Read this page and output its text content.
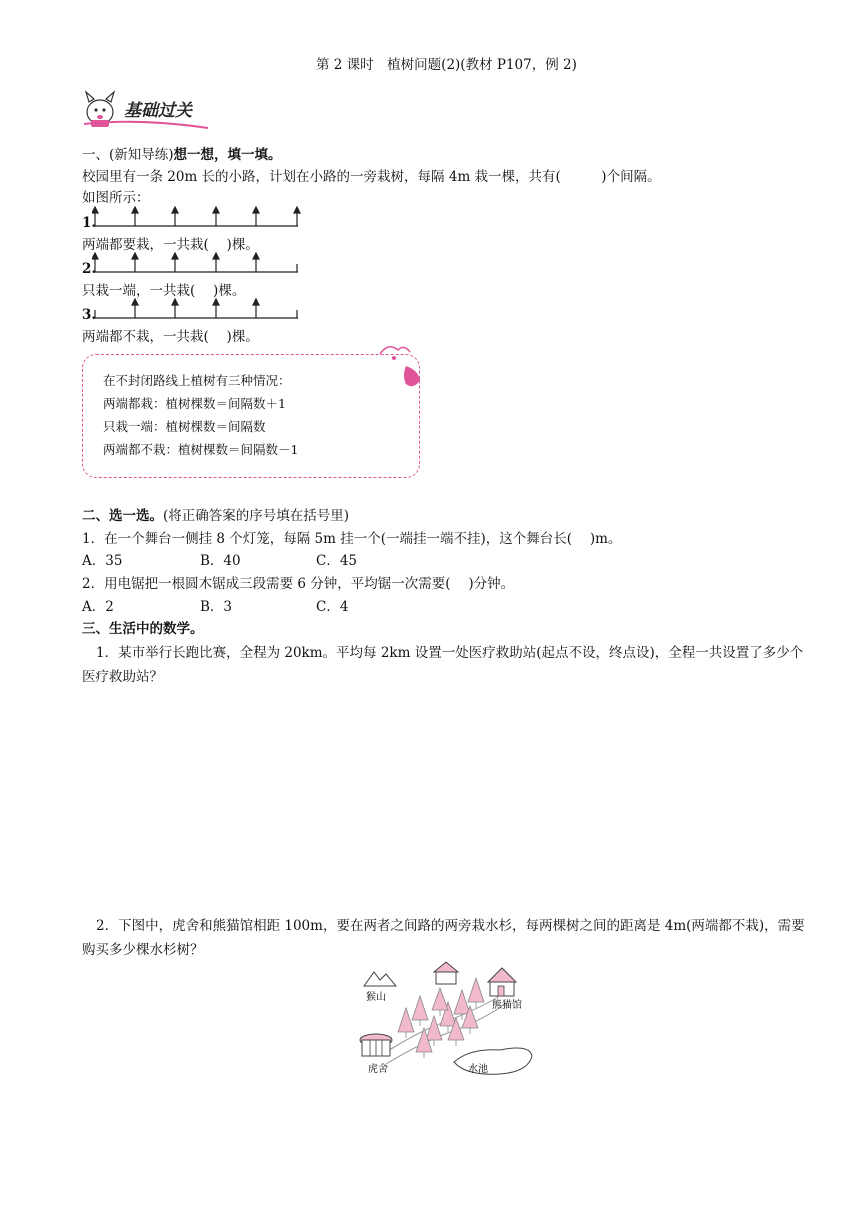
第 2 课时　植树问题(2)(教材 P107，例 2)
基础过关
一、(新知导练)想一想，填一填。
校园里有一条 20m 长的小路，计划在小路的一旁栽树，每隔 4m 栽一棵，共有(　　　)个间隔。
如图所示：
1.
两端都要栽，一共栽(　 )棵。
2.
只栽一端，一共栽(　 )棵。
3.
两端都不栽，一共栽(　 )棵。
在不封闭路线上植树有三种情况：
两端都栽：植树棵数＝间隔数＋1
只栽一端：植树棵数＝间隔数
两端都不栽：植树棵数＝间隔数－1
二、选一选。(将正确答案的序号填在括号里)
1．在一个舞台一侧挂 8 个灯笼，每隔 5m 挂一个(一端挂一端不挂)，这个舞台长(　 )m。
A．35	B．40	C．45
2．用电锯把一根圆木锯成三段需要 6 分钟，平均锯一次需要(　 )分钟。
A．2	B．3	C．4
三、生活中的数学。
1．某市举行长跑比赛，全程为 20km。平均每 2km 设置一处医疗救助站(起点不设，终点设)，全程一共设置了多少个医疗救助站？
2．下图中，虎舍和熊猫馆相距 100m，要在两者之间路的两旁栽水杉，每两棵树之间的距离是 4m(两端都不栽)，需要购买多少棵水杉树？
猴山
熊猫馆
虎舍	水池
